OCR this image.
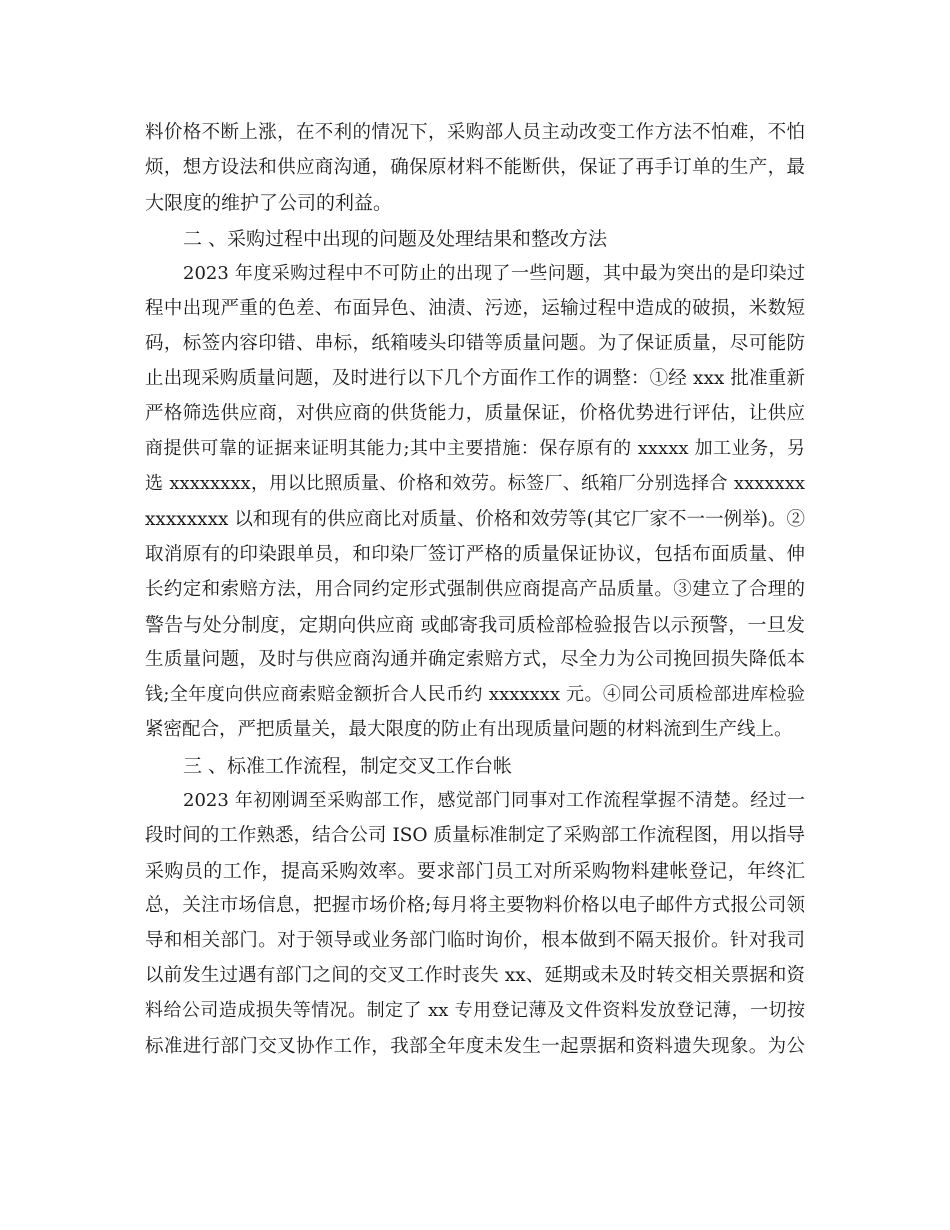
料价格不断上涨，在不利的情况下，采购部人员主动改变工作方法不怕难，不怕

烦，想方设法和供应商沟通，确保原材料不能断供，保证了再手订单的生产，最

大限度的维护了公司的利益。

二 、采购过程中出现的问题及处理结果和整改方法

2023 年度采购过程中不可防止的出现了一些问题，其中最为突出的是印染过

程中出现严重的色差、布面异色、油渍、污迹，运输过程中造成的破损，米数短

码，标签内容印错、串标，纸箱唛头印错等质量问题。为了保证质量，尽可能防

止出现采购质量问题，及时进行以下几个方面作工作的调整：①经 xxx 批准重新

严格筛选供应商，对供应商的供货能力，质量保证，价格优势进行评估，让供应

商提供可靠的证据来证明其能力;其中主要措施：保存原有的 xxxxx 加工业务，另

选 xxxxxxxx，用以比照质量、价格和效劳。标签厂、纸箱厂分别选择合 xxxxxxx

xxxxxxxx 以和现有的供应商比对质量、价格和效劳等(其它厂家不一一例举)。②

取消原有的印染跟单员，和印染厂签订严格的质量保证协议，包括布面质量、伸

长约定和索赔方法，用合同约定形式强制供应商提高产品质量。③建立了合理的

警告与处分制度，定期向供应商 或邮寄我司质检部检验报告以示预警，一旦发

生质量问题，及时与供应商沟通并确定索赔方式，尽全力为公司挽回损失降低本

钱;全年度向供应商索赔金额折合人民币约 xxxxxxx 元。④同公司质检部进库检验

紧密配合，严把质量关，最大限度的防止有出现质量问题的材料流到生产线上。

三 、标准工作流程，制定交叉工作台帐

2023 年初刚调至采购部工作，感觉部门同事对工作流程掌握不清楚。经过一

段时间的工作熟悉，结合公司 ISO 质量标准制定了采购部工作流程图，用以指导

采购员的工作，提高采购效率。要求部门员工对所采购物料建帐登记，年终汇

总，关注市场信息，把握市场价格;每月将主要物料价格以电子邮件方式报公司领

导和相关部门。对于领导或业务部门临时询价，根本做到不隔天报价。针对我司

以前发生过遇有部门之间的交叉工作时丧失 xx、延期或未及时转交相关票据和资

料给公司造成损失等情况。制定了 xx 专用登记薄及文件资料发放登记薄，一切按

标准进行部门交叉协作工作，我部全年度未发生一起票据和资料遗失现象。为公
